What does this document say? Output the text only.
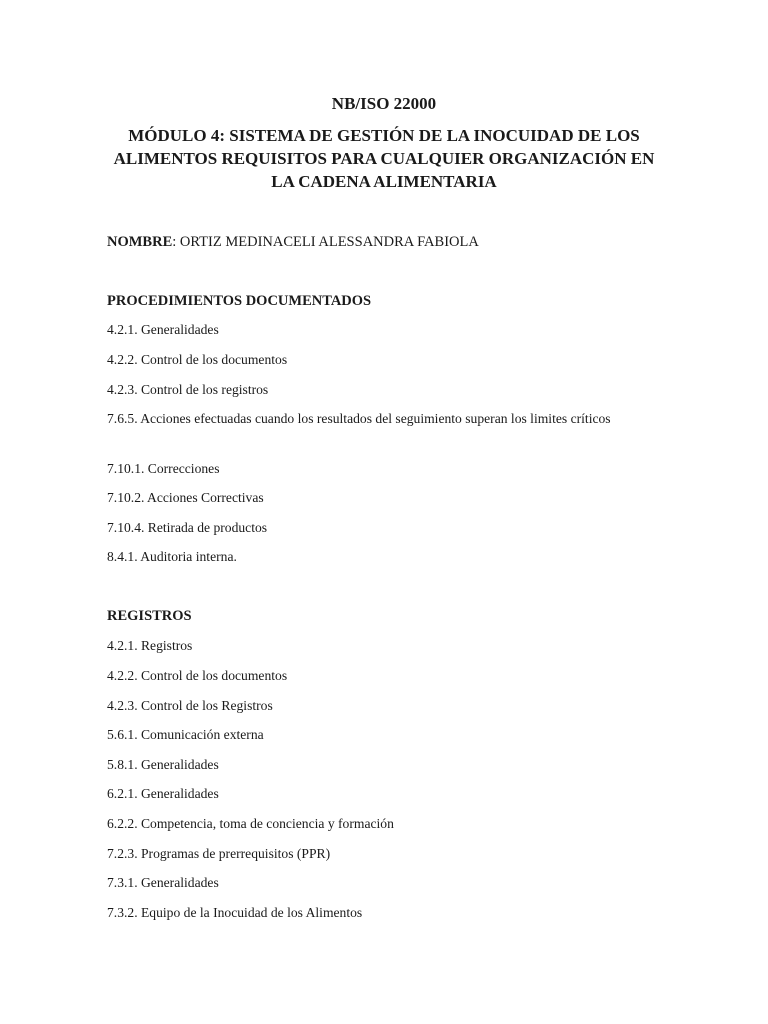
NB/ISO 22000
MÓDULO 4: SISTEMA DE GESTIÓN DE LA INOCUIDAD DE LOS ALIMENTOS REQUISITOS PARA CUALQUIER ORGANIZACIÓN EN LA CADENA ALIMENTARIA
NOMBRE: ORTIZ MEDINACELI ALESSANDRA FABIOLA
PROCEDIMIENTOS DOCUMENTADOS
4.2.1. Generalidades
4.2.2. Control de los documentos
4.2.3. Control de los registros
7.6.5. Acciones efectuadas cuando los resultados del seguimiento superan los limites críticos
7.10.1. Correcciones
7.10.2. Acciones Correctivas
7.10.4. Retirada de productos
8.4.1. Auditoria interna.
REGISTROS
4.2.1. Registros
4.2.2. Control de los documentos
4.2.3. Control de los Registros
5.6.1. Comunicación externa
5.8.1. Generalidades
6.2.1. Generalidades
6.2.2. Competencia, toma de conciencia y formación
7.2.3. Programas de prerrequisitos (PPR)
7.3.1. Generalidades
7.3.2. Equipo de la Inocuidad de los Alimentos
